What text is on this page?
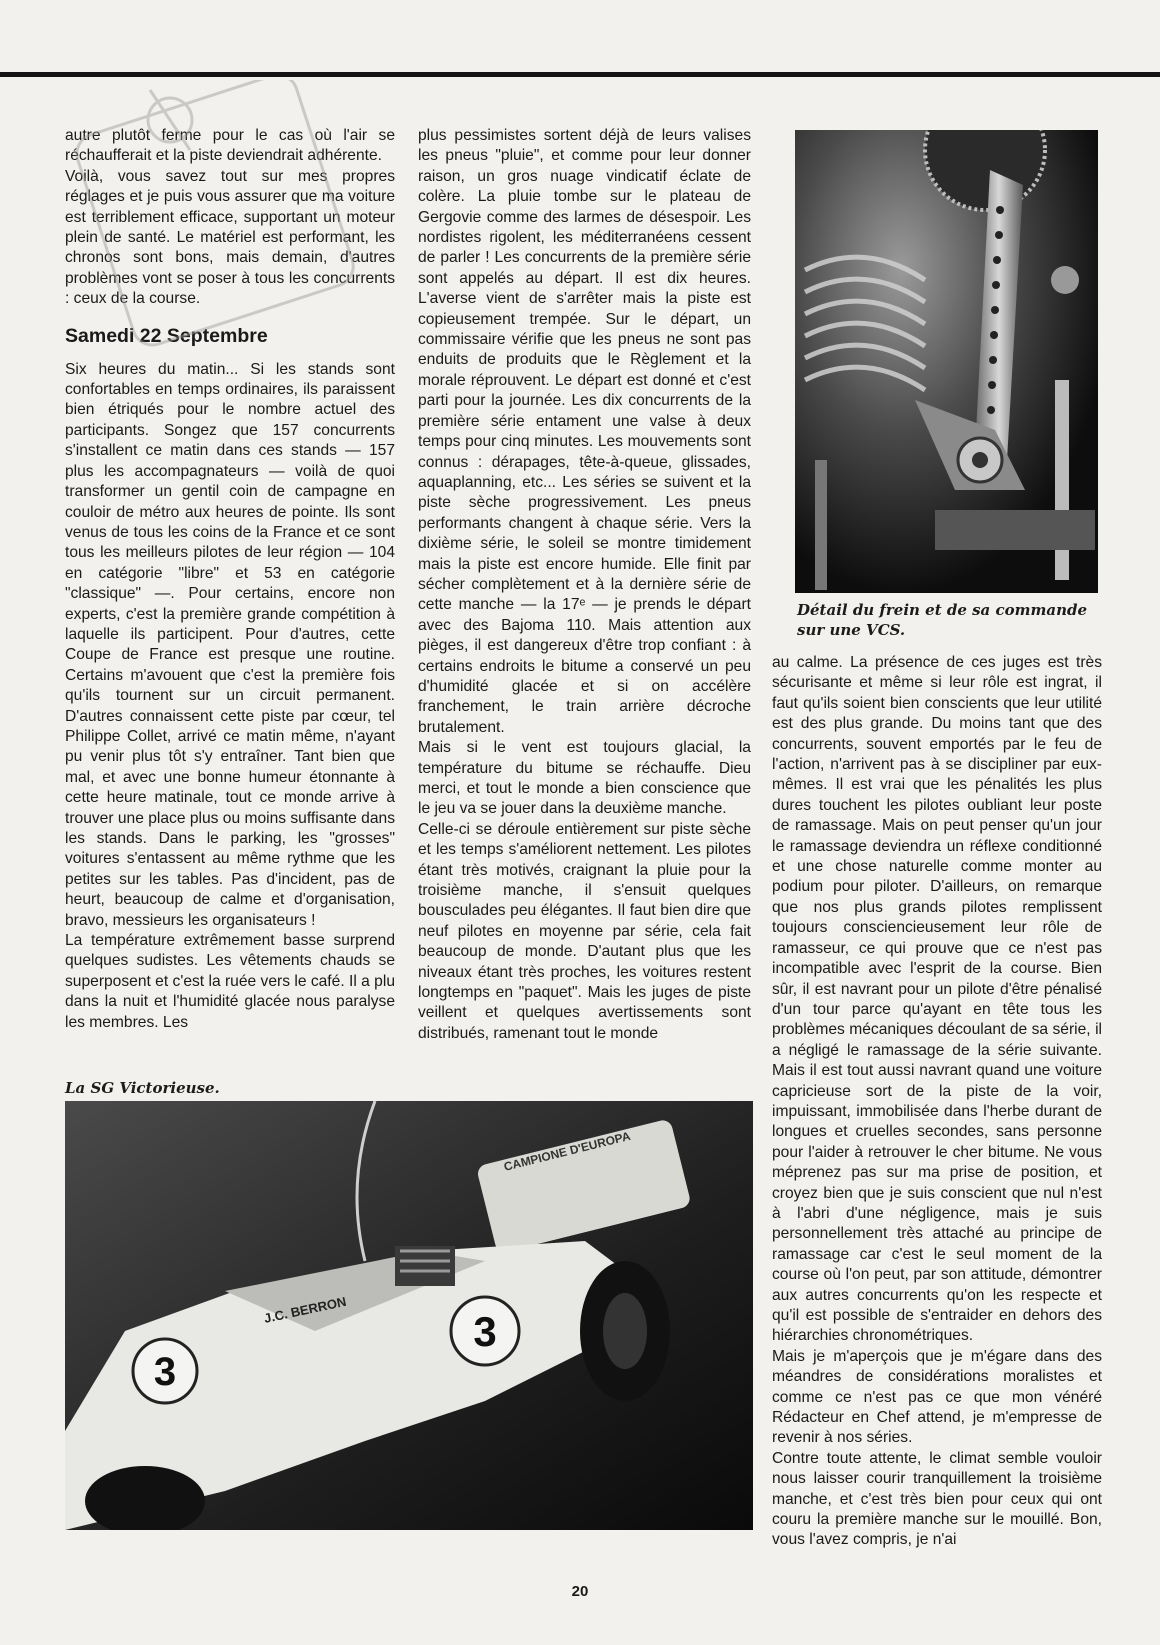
autre plutôt ferme pour le cas où l'air se réchaufferait et la piste deviendrait adhérente.

Voilà, vous savez tout sur mes propres réglages et je puis vous assurer que ma voiture est terriblement efficace, supportant un moteur plein de santé. Le matériel est performant, les chronos sont bons, mais demain, d'autres problèmes vont se poser à tous les concurrents : ceux de la course.

Samedi 22 Septembre

Six heures du matin... Si les stands sont confortables en temps ordinaires, ils paraissent bien étriqués pour le nombre actuel des participants. Songez que 157 concurrents s'installent ce matin dans ces stands — 157 plus les accompagnateurs — voilà de quoi transformer un gentil coin de campagne en couloir de métro aux heures de pointe. Ils sont venus de tous les coins de la France et ce sont tous les meilleurs pilotes de leur région — 104 en catégorie "libre" et 53 en catégorie "classique" —. Pour certains, encore non experts, c'est la première grande compétition à laquelle ils participent. Pour d'autres, cette Coupe de France est presque une routine. Certains m'avouent que c'est la première fois qu'ils tournent sur un circuit permanent. D'autres connaissent cette piste par cœur, tel Philippe Collet, arrivé ce matin même, n'ayant pu venir plus tôt s'y entraîner. Tant bien que mal, et avec une bonne humeur étonnante à cette heure matinale, tout ce monde arrive à trouver une place plus ou moins suffisante dans les stands. Dans le parking, les "grosses" voitures s'entassent au même rythme que les petites sur les tables. Pas d'incident, pas de heurt, beaucoup de calme et d'organisation, bravo, messieurs les organisateurs !

La température extrêmement basse surprend quelques sudistes. Les vêtements chauds se superposent et c'est la ruée vers le café. Il a plu dans la nuit et l'humidité glacée nous paralyse les membres. Les

plus pessimistes sortent déjà de leurs valises les pneus "pluie", et comme pour leur donner raison, un gros nuage vindicatif éclate de colère. La pluie tombe sur le plateau de Gergovie comme des larmes de désespoir. Les nordistes rigolent, les méditerranéens cessent de parler ! Les concurrents de la première série sont appelés au départ. Il est dix heures. L'averse vient de s'arrêter mais la piste est copieusement trempée. Sur le départ, un commissaire vérifie que les pneus ne sont pas enduits de produits que le Règlement et la morale réprouvent. Le départ est donné et c'est parti pour la journée. Les dix concurrents de la première série entament une valse à deux temps pour cinq minutes. Les mouvements sont connus : dérapages, tête-à-queue, glissades, aquaplanning, etc... Les séries se suivent et la piste sèche progressivement. Les pneus performants changent à chaque série. Vers la dixième série, le soleil se montre timidement mais la piste est encore humide. Elle finit par sécher complètement et à la dernière série de cette manche — la 17ᵉ — je prends le départ avec des Bajoma 110. Mais attention aux pièges, il est dangereux d'être trop confiant : à certains endroits le bitume a conservé un peu d'humidité glacée et si on accélère franchement, le train arrière décroche brutalement.

Mais si le vent est toujours glacial, la température du bitume se réchauffe. Dieu merci, et tout le monde a bien conscience que le jeu va se jouer dans la deuxième manche.

Celle-ci se déroule entièrement sur piste sèche et les temps s'améliorent nettement. Les pilotes étant très motivés, craignant la pluie pour la troisième manche, il s'ensuit quelques bousculades peu élégantes. Il faut bien dire que neuf pilotes en moyenne par série, cela fait beaucoup de monde. D'autant plus que les niveaux étant très proches, les voitures restent longtemps en "paquet". Mais les juges de piste veillent et quelques avertissements sont distribués, ramenant tout le monde

au calme. La présence de ces juges est très sécurisante et même si leur rôle est ingrat, il faut qu'ils soient bien conscients que leur utilité est des plus grande. Du moins tant que des concurrents, souvent emportés par le feu de l'action, n'arrivent pas à se discipliner par eux-mêmes. Il est vrai que les pénalités les plus dures touchent les pilotes oubliant leur poste de ramassage. Mais on peut penser qu'un jour le ramassage deviendra un réflexe conditionné et une chose naturelle comme monter au podium pour piloter. D'ailleurs, on remarque que nos plus grands pilotes remplissent toujours consciencieusement leur rôle de ramasseur, ce qui prouve que ce n'est pas incompatible avec l'esprit de la course. Bien sûr, il est navrant pour un pilote d'être pénalisé d'un tour parce qu'ayant en tête tous les problèmes mécaniques découlant de sa série, il a négligé le ramassage de la série suivante. Mais il est tout aussi navrant quand une voiture capricieuse sort de la piste de la voir, impuissant, immobilisée dans l'herbe durant de longues et cruelles secondes, sans personne pour l'aider à retrouver le cher bitume. Ne vous méprenez pas sur ma prise de position, et croyez bien que je suis conscient que nul n'est à l'abri d'une négligence, mais je suis personnellement très attaché au principe de ramassage car c'est le seul moment de la course où l'on peut, par son attitude, démontrer aux autres concurrents qu'on les respecte et qu'il est possible de s'entraider en dehors des hiérarchies chronométriques.

Mais je m'aperçois que je m'égare dans des méandres de considérations moralistes et comme ce n'est pas ce que mon vénéré Rédacteur en Chef attend, je m'empresse de revenir à nos séries.

Contre toute attente, le climat semble vouloir nous laisser courir tranquillement la troisième manche, et c'est très bien pour ceux qui ont couru la première manche sur le mouillé. Bon, vous l'avez compris, je n'ai

Détail du frein et de sa commande sur une VCS.
La SG Victorieuse.
3
3
J.C. BERRON
CAMPIONE D'EUROPA
20
